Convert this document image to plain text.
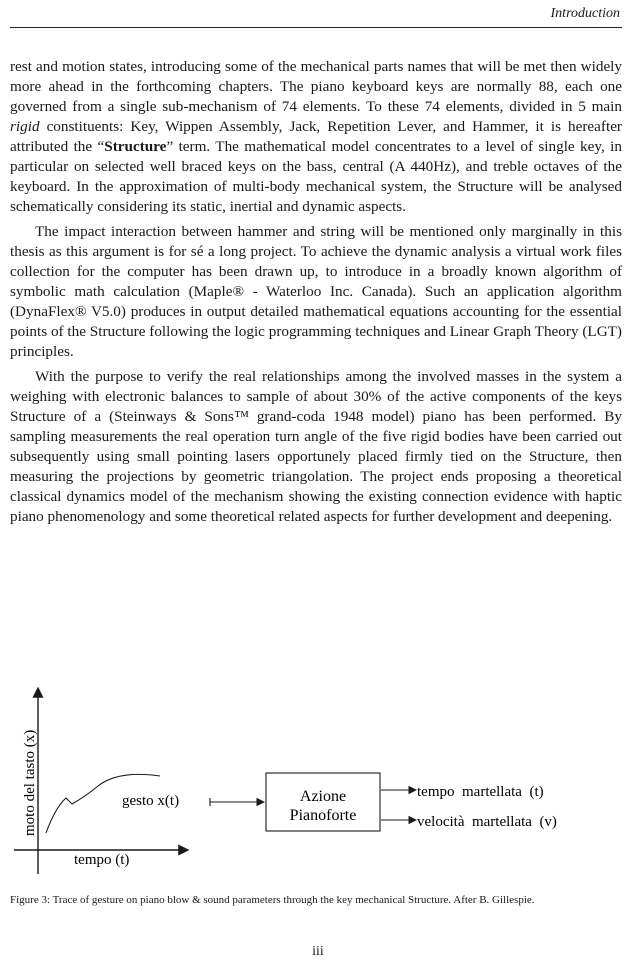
Introduction

rest and motion states, introducing some of the mechanical parts names that will be met then widely more ahead in the forthcoming chapters. The piano keyboard keys are normally 88, each one governed from a single sub-mechanism of 74 elements. To these 74 elements, divided in 5 main rigid constituents: Key, Wippen Assembly, Jack, Repetition Lever, and Hammer, it is hereafter attributed the “Structure” term. The mathematical model concentrates to a level of single key, in particular on selected well braced keys on the bass, central (A 440Hz), and treble octaves of the keyboard. In the approximation of multi-body mechanical system, the Structure will be analysed schematically considering its static, inertial and dynamic aspects.

The impact interaction between hammer and string will be mentioned only marginally in this thesis as this argument is for sé a long project. To achieve the dynamic analysis a virtual work files collection for the computer has been drawn up, to introduce in a broadly known algorithm of symbolic math calculation (Maple® - Waterloo Inc. Canada). Such an application algorithm (DynaFlex® V5.0) produces in output detailed mathematical equations accounting for the essential points of the Structure following the logic programming techniques and Linear Graph Theory (LGT) principles.

With the purpose to verify the real relationships among the involved masses in the system a weighing with electronic balances to sample of about 30% of the active components of the keys Structure of a (Steinways & Sons™ grand-coda 1948 model) piano has been performed. By sampling measurements the real operation turn angle of the five rigid bodies have been carried out subsequently using small pointing lasers opportunely placed firmly tied on the Structure, then measuring the projections by geometric triangolation. The project ends proposing a theoretical classical dynamics model of the mechanism showing the existing connection evidence with haptic piano phenomenology and some theoretical related aspects for further development and deepening.

moto del tasto (x)
tempo (t)
gesto x(t)	Azione
Pianoforte
tempo  martellata  (t)
velocità  martellata  (v)
Figure 3: Trace of gesture on piano blow & sound parameters through the key mechanical Structure. After B. Gillespie.
iii
